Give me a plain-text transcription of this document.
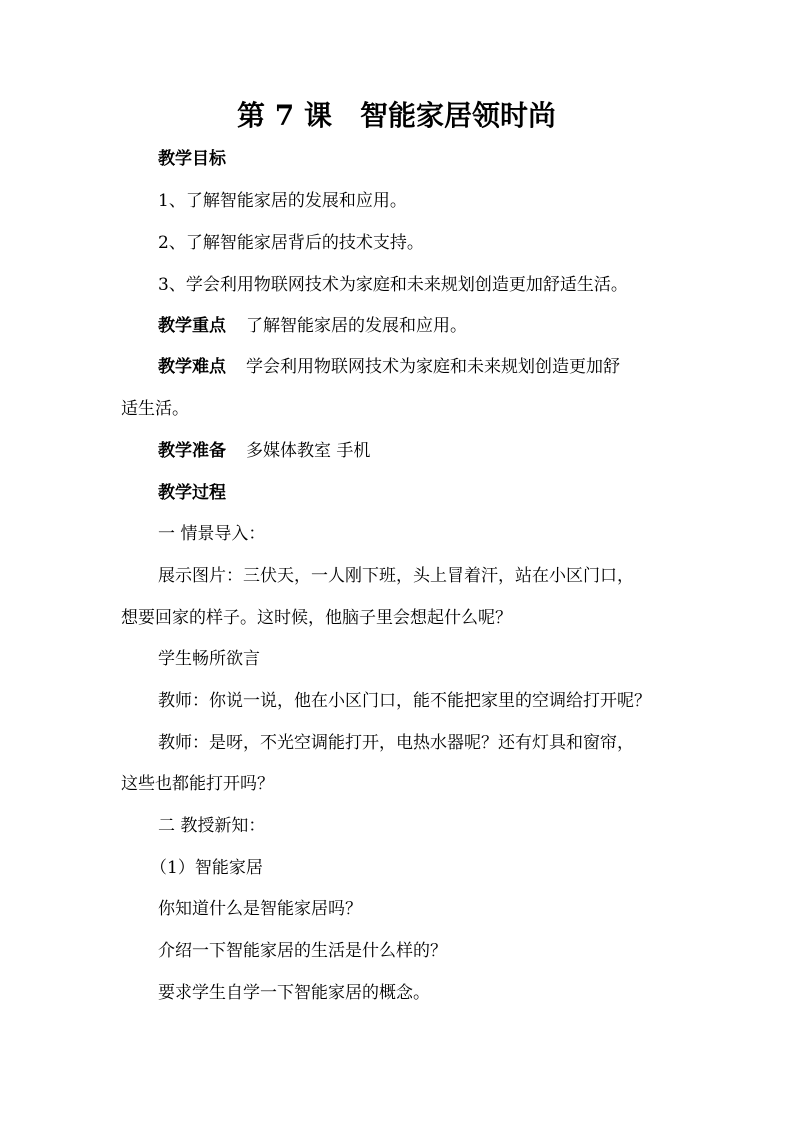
第 7 课 智能家居领时尚
教学目标
1、了解智能家居的发展和应用。
2、了解智能家居背后的技术支持。
3、学会利用物联网技术为家庭和未来规划创造更加舒适生活。
教学重点 了解智能家居的发展和应用。
教学难点 学会利用物联网技术为家庭和未来规划创造更加舒
适生活。
教学准备 多媒体教室 手机
教学过程
一 情景导入：
展示图片：三伏天，一人刚下班，头上冒着汗，站在小区门口，
想要回家的样子。这时候，他脑子里会想起什么呢？
学生畅所欲言
教师：你说一说，他在小区门口，能不能把家里的空调给打开呢？
教师：是呀，不光空调能打开，电热水器呢？还有灯具和窗帘，
这些也都能打开吗？
二 教授新知：
（1）智能家居
你知道什么是智能家居吗？
介绍一下智能家居的生活是什么样的？
要求学生自学一下智能家居的概念。
